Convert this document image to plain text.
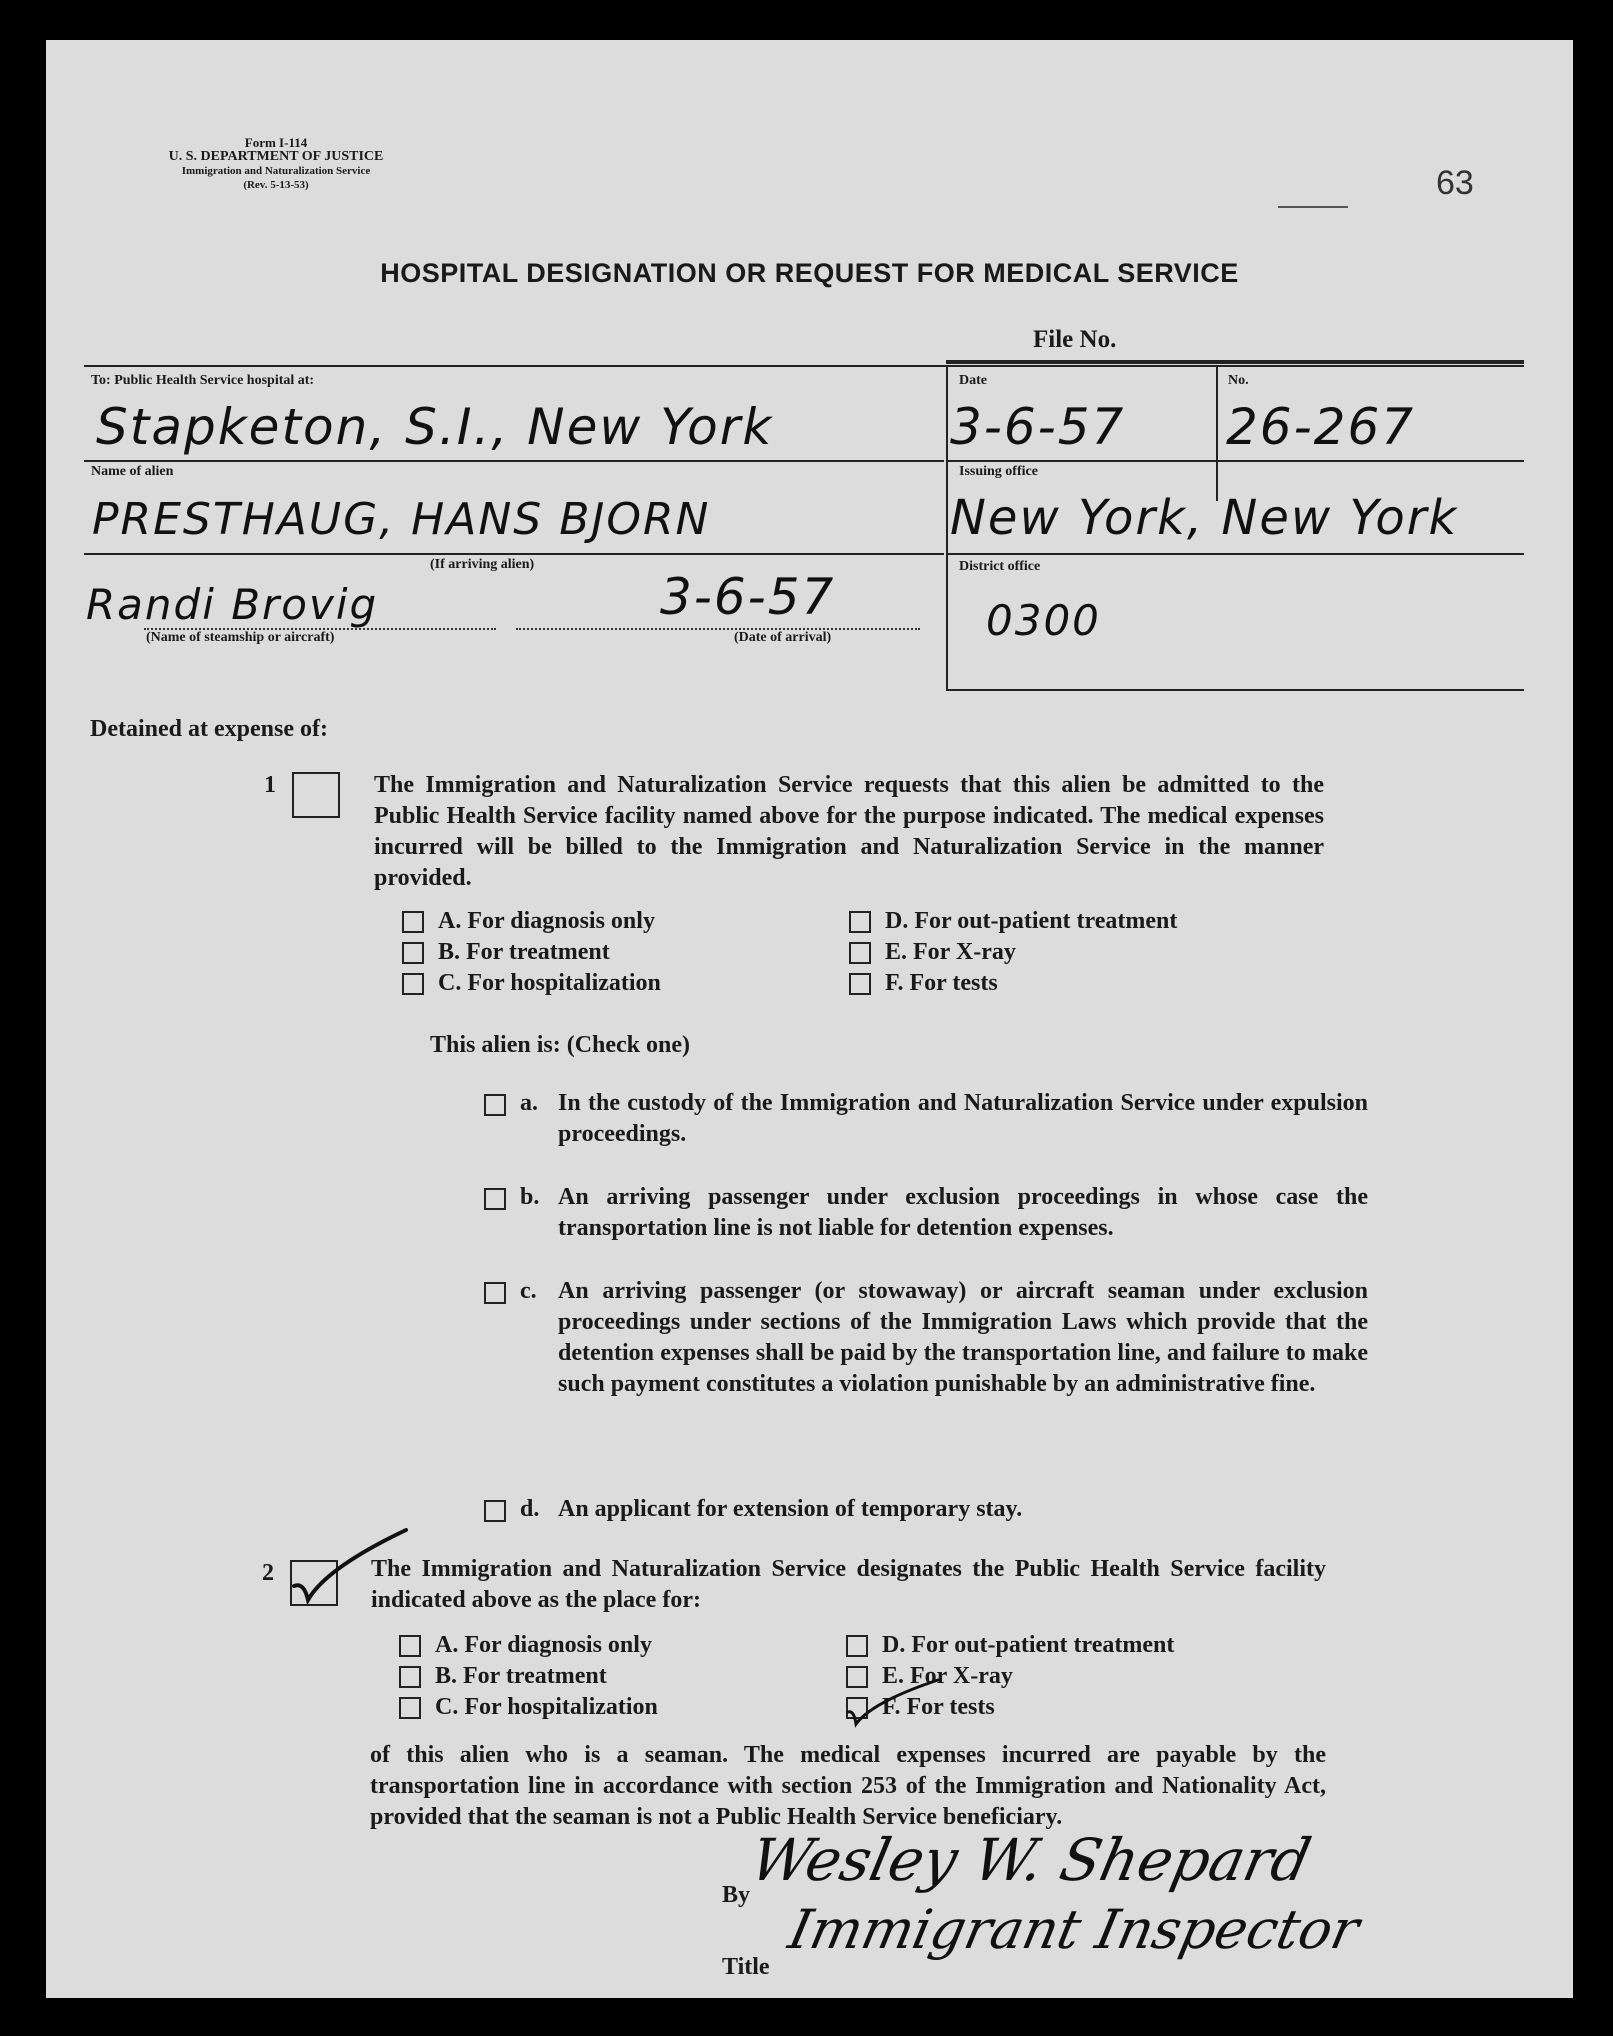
Form I-114
U. S. DEPARTMENT OF JUSTICE
Immigration and Naturalization Service
(Rev. 5-13-53)	63
HOSPITAL DESIGNATION OR REQUEST FOR MEDICAL SERVICE
File No.
To: Public Health Service hospital at:
Stapketon, S.I., New York
Date
3-6-57
No.
26-267
Name of alien
PRESTHAUG, HANS BJORN
Issuing office
New York, New York
(If arriving alien)
Randi Brovig	3-6-57
(Name of steamship or aircraft)	(Date of arrival)
District office
0300
Detained at expense of:
1	The Immigration and Naturalization Service requests that this alien be admitted to the Public Health Service facility named above for the purpose indicated. The medical expenses incurred will be billed to the Immigration and Naturalization Service in the manner provided.
A. For diagnosis only
B. For treatment
C. For hospitalization
D. For out-patient treatment
E. For X-ray
F. For tests
This alien is: (Check one)
a. In the custody of the Immigration and Naturalization Service under expulsion proceedings.
b. An arriving passenger under exclusion proceedings in whose case the transportation line is not liable for detention expenses.
c. An arriving passenger (or stowaway) or aircraft seaman under exclusion proceedings under sections of the Immigration Laws which provide that the detention expenses shall be paid by the transportation line, and failure to make such payment constitutes a violation punishable by an administrative fine.
d. An applicant for extension of temporary stay.
2	The Immigration and Naturalization Service designates the Public Health Service facility indicated above as the place for:
A. For diagnosis only
B. For treatment
C. For hospitalization
D. For out-patient treatment
E. For X-ray
F. For tests
of this alien who is a seaman. The medical expenses incurred are payable by the transportation line in accordance with section 253 of the Immigration and Nationality Act, provided that the seaman is not a Public Health Service beneficiary.
By
Wesley W. Shepard
Title
Immigrant Inspector
